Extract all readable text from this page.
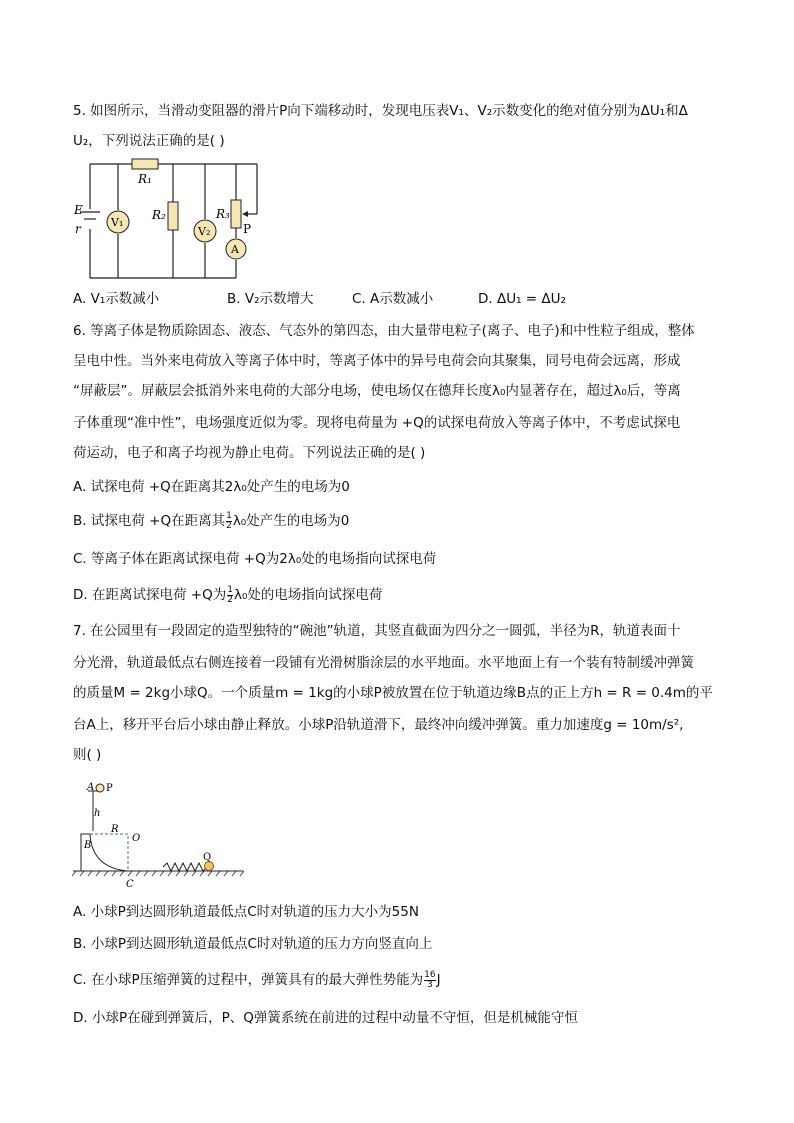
5. 如图所示，当滑动变阻器的滑片P向下端移动时，发现电压表V₁、V₂示数变化的绝对值分别为ΔU₁和Δ
U₂，下列说法正确的是( )
V₁
V₂
A
R₁
R₂	R₃
P
E
r
A. V₁示数减小	B. V₂示数增大	C. A示数减小	D. ΔU₁ = ΔU₂
6. 等离子体是物质除固态、液态、气态外的第四态，由大量带电粒子(离子、电子)和中性粒子组成，整体
呈电中性。当外来电荷放入等离子体中时，等离子体中的异号电荷会向其聚集，同号电荷会远离，形成
“屏蔽层”。屏蔽层会抵消外来电荷的大部分电场，使电场仅在德拜长度λ₀内显著存在，超过λ₀后，等离
子体重现“准中性”，电场强度近似为零。现将电荷量为 +Q的试探电荷放入等离子体中，不考虑试探电
荷运动，电子和离子均视为静止电荷。下列说法正确的是( )
A. 试探电荷 +Q在距离其2λ₀处产生的电场为0
B. 试探电荷 +Q在距离其 $\frac{1}{2} \lambda_0$处产生的电场为0
C. 等离子体在距离试探电荷 +Q为2λ₀处的电场指向试探电荷
D. 在距离试探电荷 +Q为 $\frac{1}{2} \lambda_0$处的电场指向试探电荷
7. 在公园里有一段固定的造型独特的“碗池”轨道，其竖直截面为四分之一圆弧，半径为R，轨道表面十
分光滑，轨道最低点右侧连接着一段铺有光滑树脂涂层的水平地面。水平地面上有一个装有特制缓冲弹簧
的质量M = 2kg小球Q。一个质量m = 1kg的小球P被放置在位于轨道边缘B点的正上方h = R = 0.4m的平
台A上，移开平台后小球由静止释放。小球P沿轨道滑下，最终冲向缓冲弹簧。重力加速度g = 10m/s²,
则( )
A P
h
R
O
B
C
Q
A. 小球P到达圆形轨道最低点C时对轨道的压力大小为55N
B. 小球P到达圆形轨道最低点C时对轨道的压力方向竖直向上
C. 在小球P压缩弹簧的过程中，弹簧具有的最大弹性势能为 $\frac{16}{3}$ J
D. 小球P在碰到弹簧后，P、Q弹簧系统在前进的过程中动量不守恒，但是机械能守恒
